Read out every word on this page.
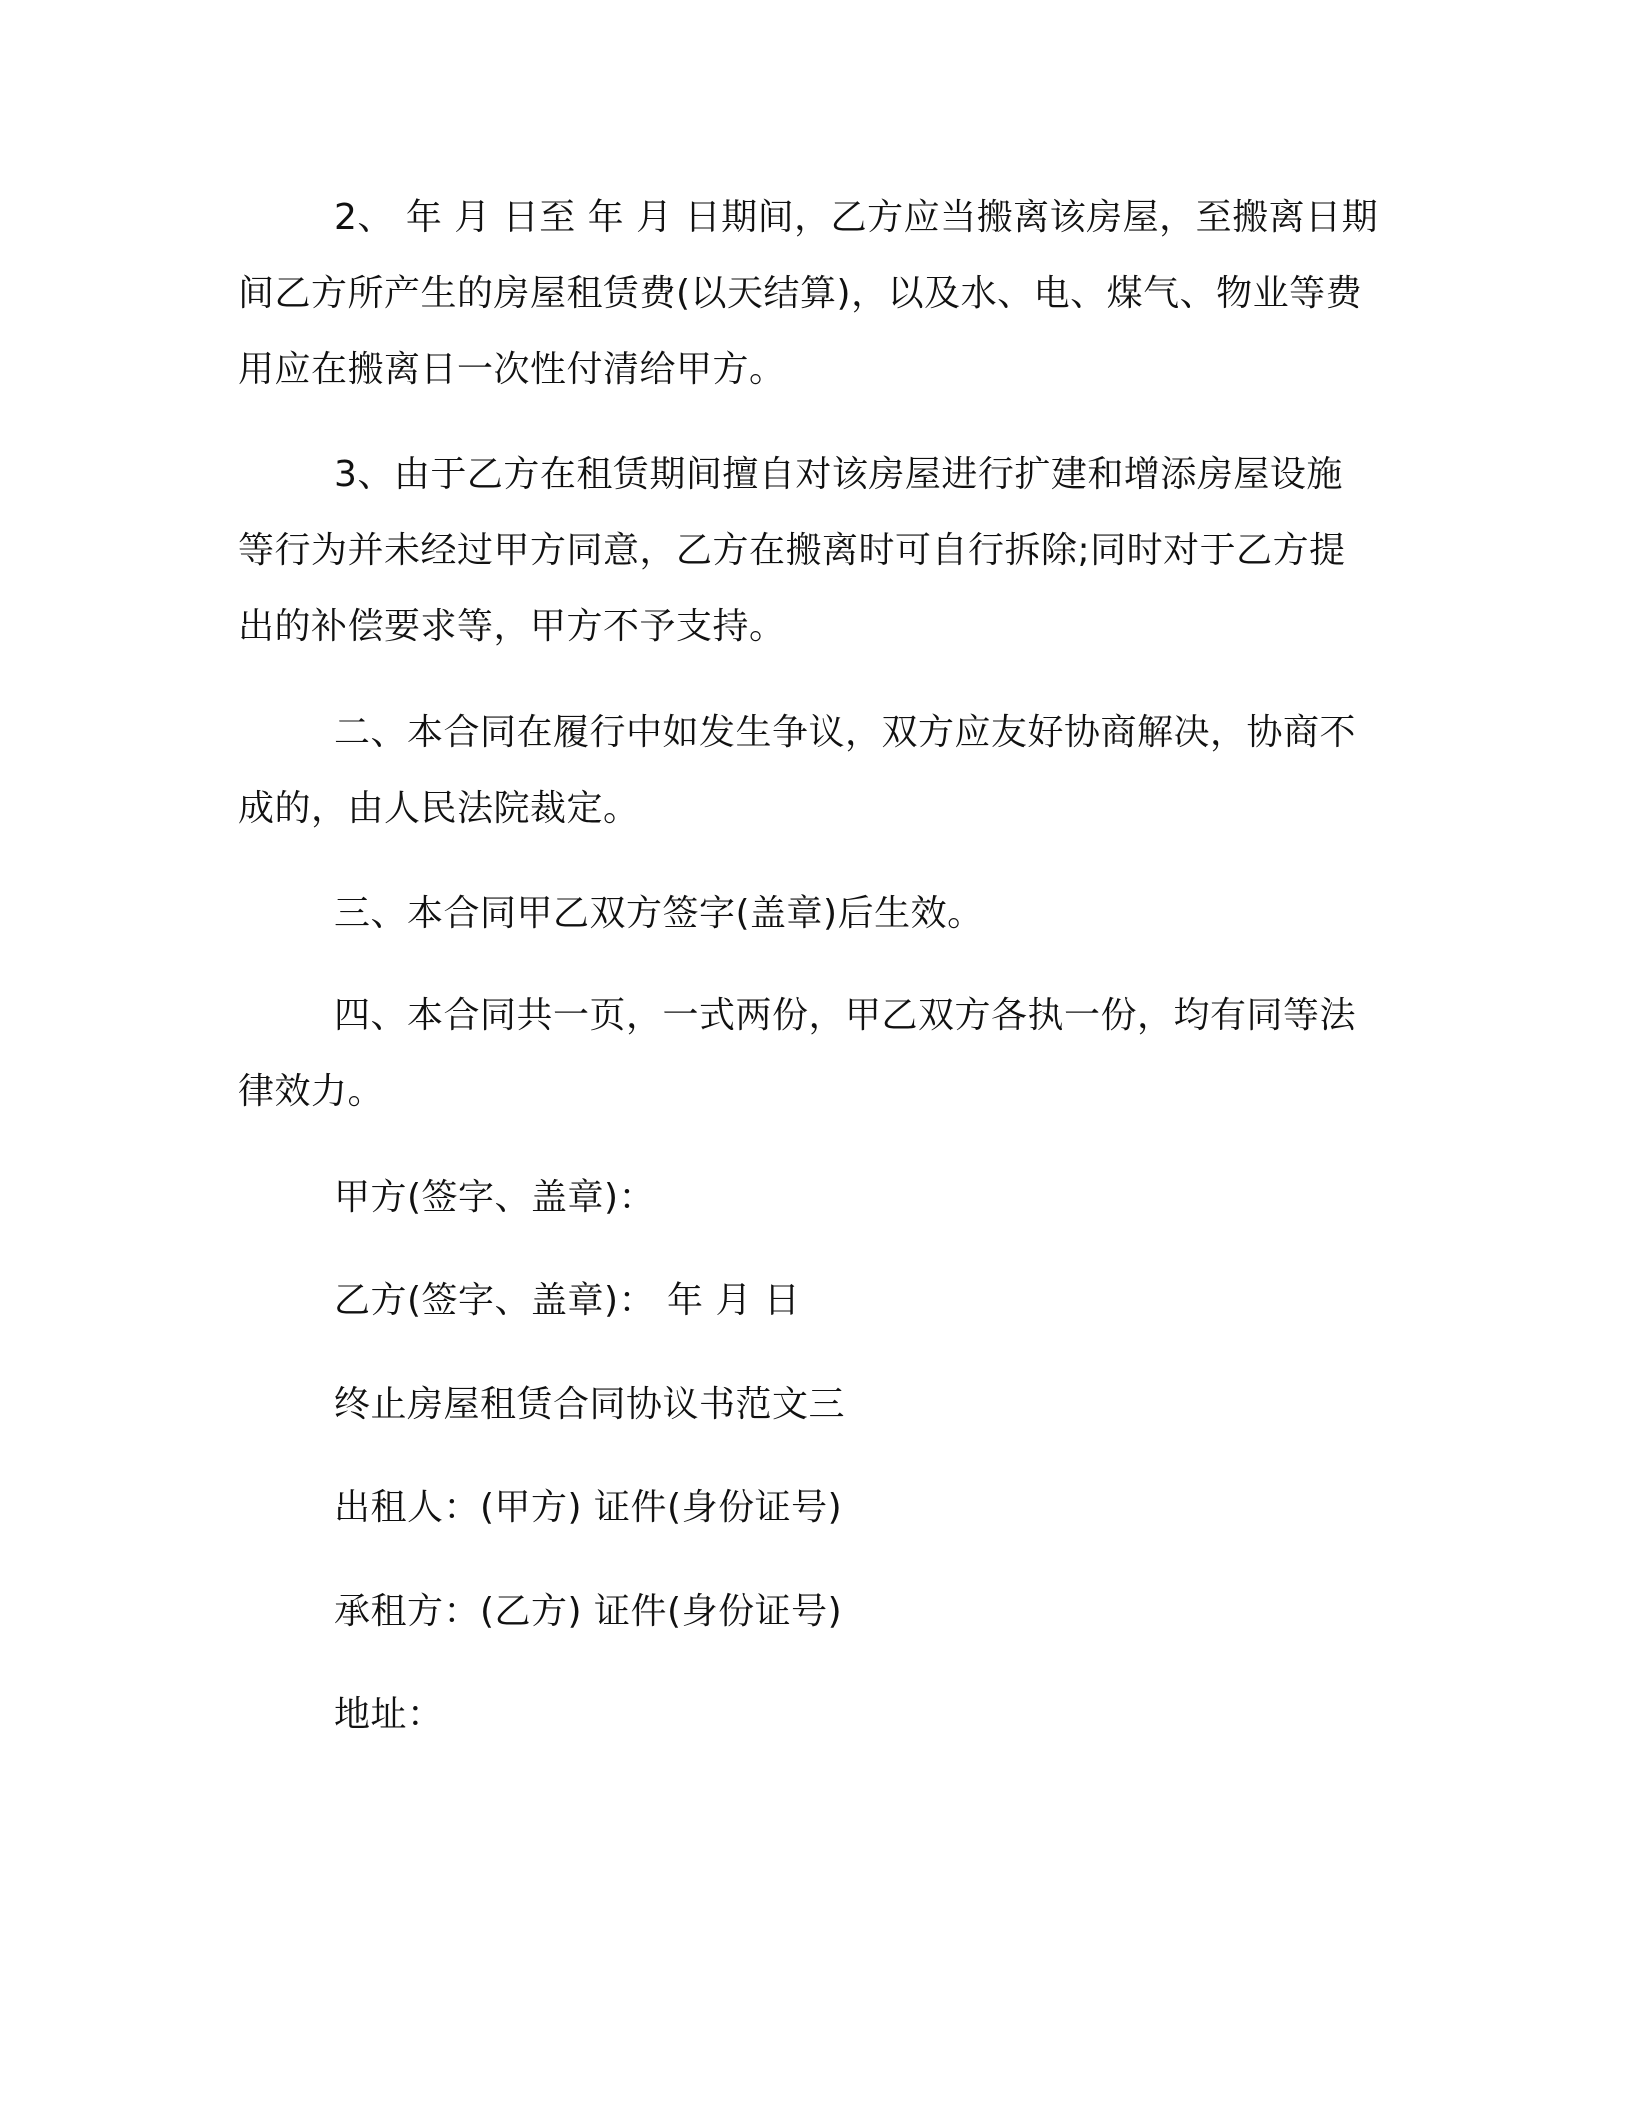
2、 年 月 日至 年 月 日期间，乙方应当搬离该房屋，至搬离日期

间乙方所产生的房屋租赁费(以天结算)，以及水、电、煤气、物业等费

用应在搬离日一次性付清给甲方。

3、由于乙方在租赁期间擅自对该房屋进行扩建和增添房屋设施

等行为并未经过甲方同意，乙方在搬离时可自行拆除;同时对于乙方提

出的补偿要求等，甲方不予支持。

二、本合同在履行中如发生争议，双方应友好协商解决，协商不

成的，由人民法院裁定。

三、本合同甲乙双方签字(盖章)后生效。

四、本合同共一页，一式两份，甲乙双方各执一份，均有同等法

律效力。

甲方(签字、盖章)：

乙方(签字、盖章)： 年 月 日

终止房屋租赁合同协议书范文三

出租人：(甲方) 证件(身份证号)

承租方：(乙方) 证件(身份证号)

地址：
